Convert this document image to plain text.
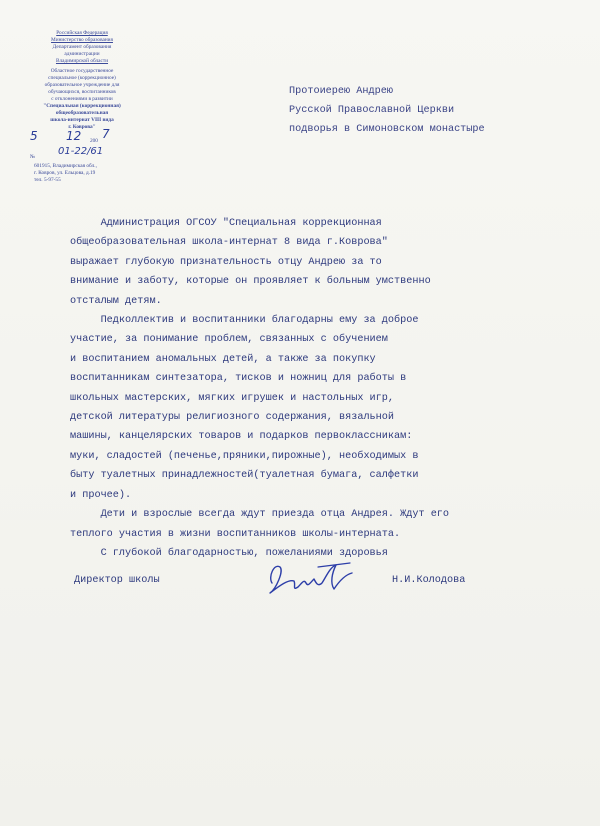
Российская Федерация
Министерство образования
Департамент образования
администрации
Владимирской области
Областное государственное
специальное (коррекционное)
образовательное учреждение для
обучающихся, воспитанников
с отклонениями в развитии
"Специальная (коррекционная)
общеобразовательная
школа-интернат VIII вида
г. Коврова"
5 12 200 7
№ 01-22/61
601915, Владимирская обл.,
г. Ковров, ул. Ельцова, д.19
тел. 5-97-55
Протоиерею Андрею
Русской Православной Церкви
подворья в Симоновском монастыре
Администрация ОГСОУ "Специальная коррекционная
общеобразовательная школа-интернат 8 вида г.Коврова"
выражает глубокую признательность отцу Андрею за то
внимание и заботу, которые он проявляет к больным умственно
отсталым детям.
Педколлектив и воспитанники благодарны ему за доброе
участие, за понимание проблем, связанных с обучением
и воспитанием аномальных детей, а также за покупку
воспитанникам синтезатора, тисков и ножниц для работы в
школьных мастерских, мягких игрушек и настольных игр,
детской литературы религиозного содержания, вязальной
машины, канцелярских товаров и подарков первоклассникам:
муки, сладостей (печенье,пряники,пирожные), необходимых в
быту туалетных принадлежностей(туалетная бумага, салфетки
и прочее).
Дети и взрослые всегда ждут приезда отца Андрея. Ждут его
теплого участия в жизни воспитанников школы-интерната.
С глубокой благодарностью, пожеланиями здоровья
Директор школы	Н.И.Колодова
